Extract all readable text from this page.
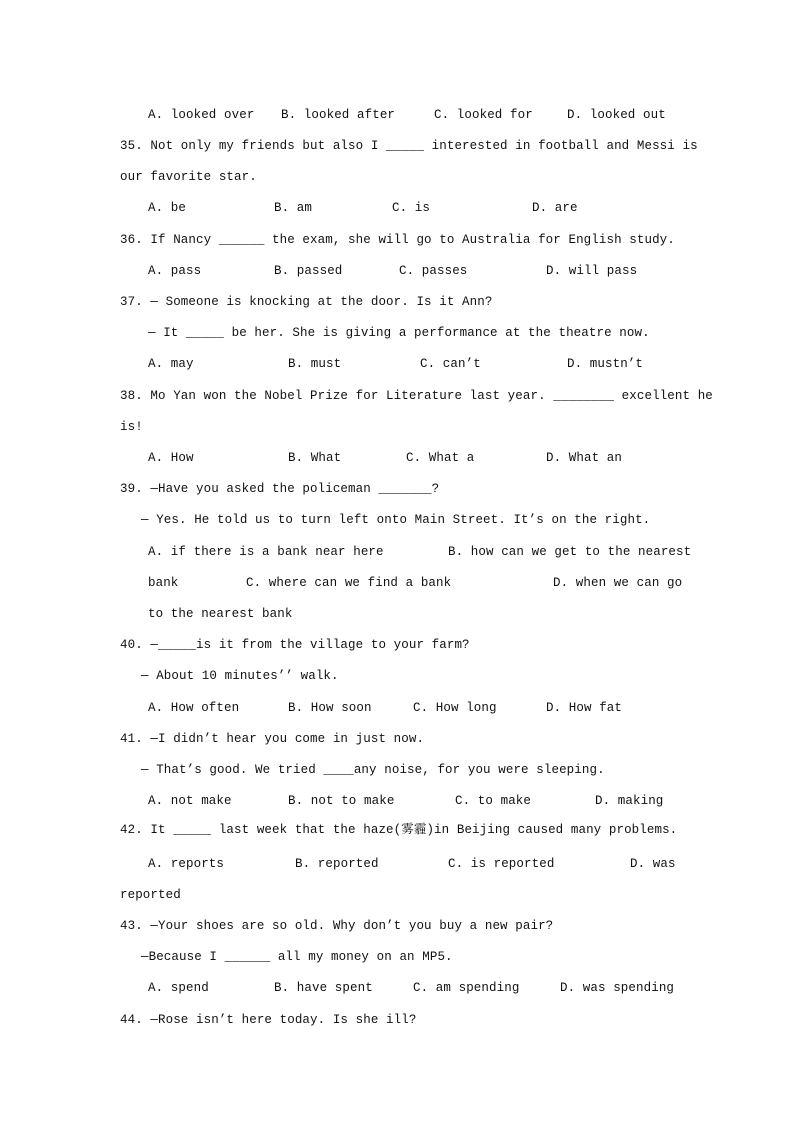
A. looked over B. looked after	C. looked for	D. looked out
35. Not only my friends but also I _____ interested in football and Messi is
our favorite star.
A. be	B. am	C. is	D. are
36. If Nancy ______ the exam, she will go to Australia for English study.
A. pass	B. passed	C. passes	D. will pass
37. — Someone is knocking at the door. Is it Ann?
— It _____ be her. She is giving a performance at the theatre now.
A. may	B. must	C. can’t	D. mustn’t
38. Mo Yan won the Nobel Prize for Literature last year. ________ excellent he
is!
A. How	B. What	C. What a	D. What an
39. —Have you asked the policeman _______?
— Yes. He told us to turn left onto Main Street. It’s on the right.
A. if there is a bank near here	B. how can we get to the nearest
bank	C. where can we find a bank	D. when we can go
to the nearest bank
40. —_____is it from the village to your farm?
— About 10 minutes’’ walk.
A. How often	B. How soon	C. How long	D. How fat
41. —I didn’t hear you come in just now.
— That’s good. We tried ____any noise, for you were sleeping.
A. not make	B. not to make	C. to make	D. making
42. It _____ last week that the haze(雾霾)in Beijing caused many problems.
A. reports	B. reported	C. is reported	D. was
reported
43. —Your shoes are so old. Why don’t you buy a new pair?
—Because I ______ all my money on an MP5.
A. spend	B. have spent	C. am spending	D. was spending
44. —Rose isn’t here today. Is she ill?
